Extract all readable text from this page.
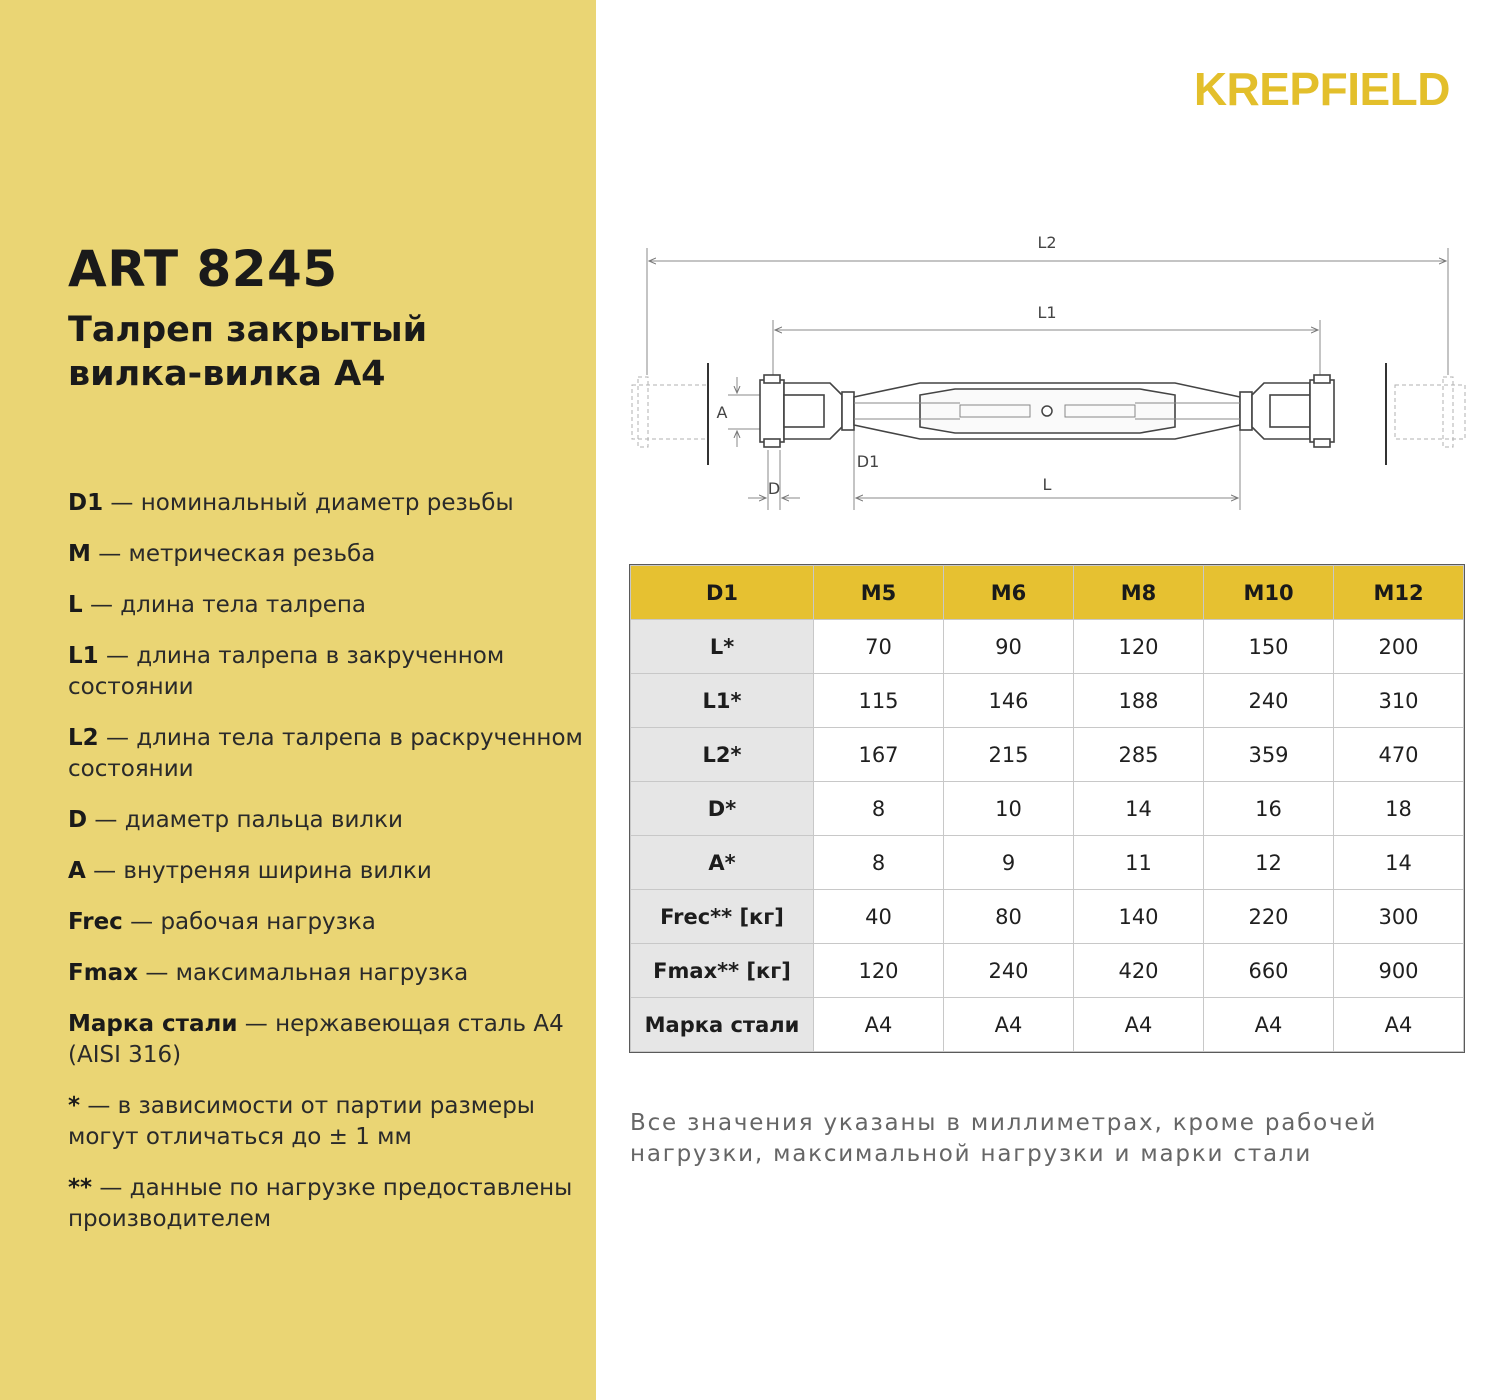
ART 8245
Талреп закрытый
вилка-вилка А4
D1 — номинальный диаметр резьбы
M — метрическая резьба
L — длина тела талрепа
L1 — длина талрепа в закрученном состоянии
L2 — длина тела талрепа в раскрученном состоянии
D — диаметр пальца вилки
A — внутреняя ширина вилки
Frec — рабочая нагрузка
Fmax — максимальная нагрузка
Марка стали — нержавеющая сталь А4 (AISI 316)
* — в зависимости от партии размеры могут отличаться до ± 1 мм
** — данные по нагрузке предоставлены производителем
KREPFIELD
L2
L1
L
A
D1
D
D1	M5	M6	M8	M10	M12
L*	70	90	120	150	200
L1*	115	146	188	240	310
L2*	167	215	285	359	470
D*	8	10	14	16	18
A*	8	9	11	12	14
Frec** [кг]	40	80	140	220	300
Fmax** [кг]	120	240	420	660	900
Марка стали	A4	A4	A4	A4	A4
Все значения указаны в миллиметрах, кроме рабочей нагрузки, максимальной нагрузки и марки стали
